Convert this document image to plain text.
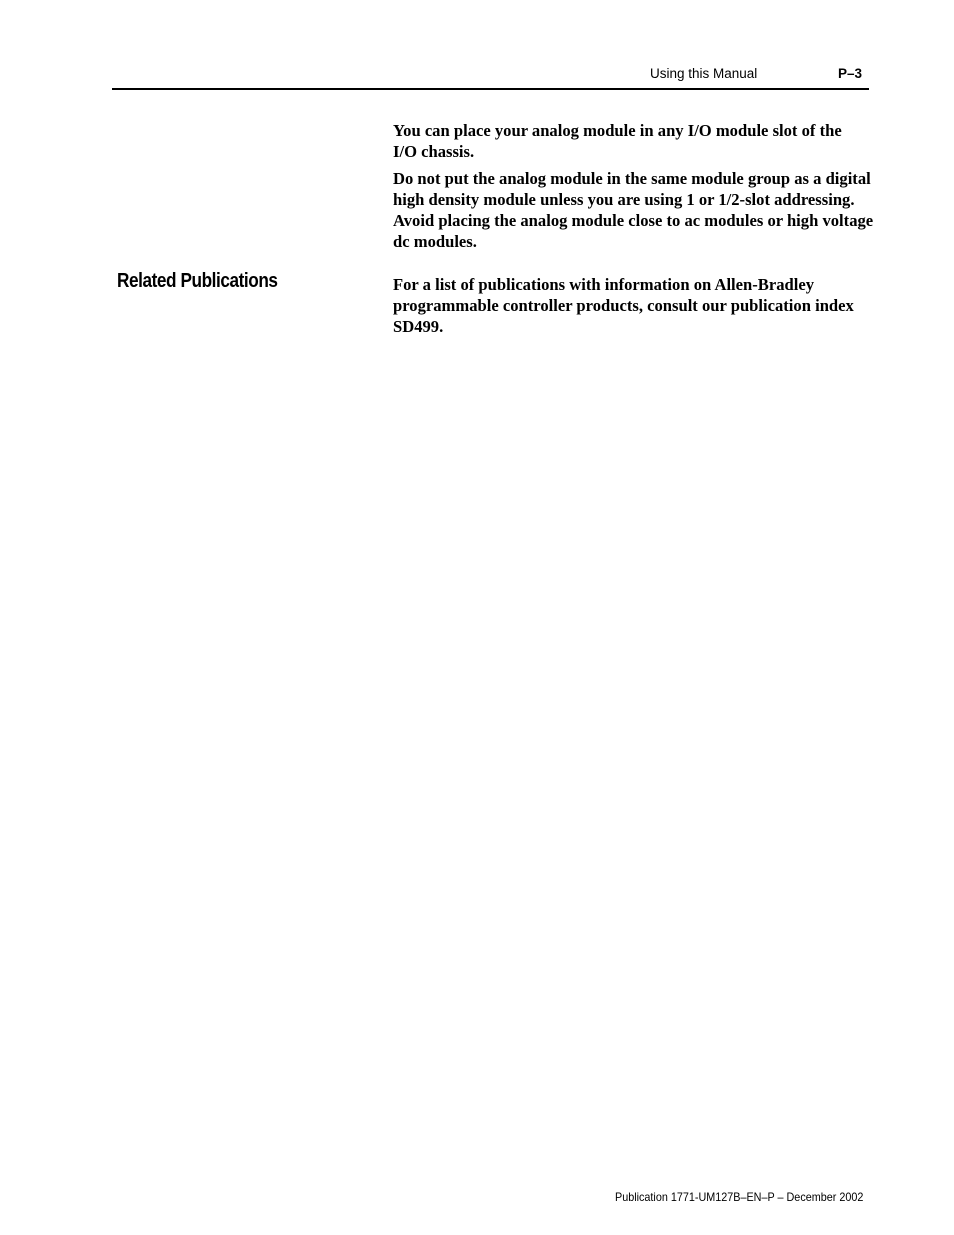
Using this Manual	P–3

You can place your analog module in any I/O module slot of the
I/O chassis.

Do not put the analog module in the same module group as a digital
high density module unless you are using 1 or 1/2-slot addressing.
Avoid placing the analog module close to ac modules or high voltage
dc modules.

Related Publications	For a list of publications with information on Allen-Bradley
programmable controller products, consult our publication index
SD499.

Publication 1771-UM127B–EN–P – December 2002
